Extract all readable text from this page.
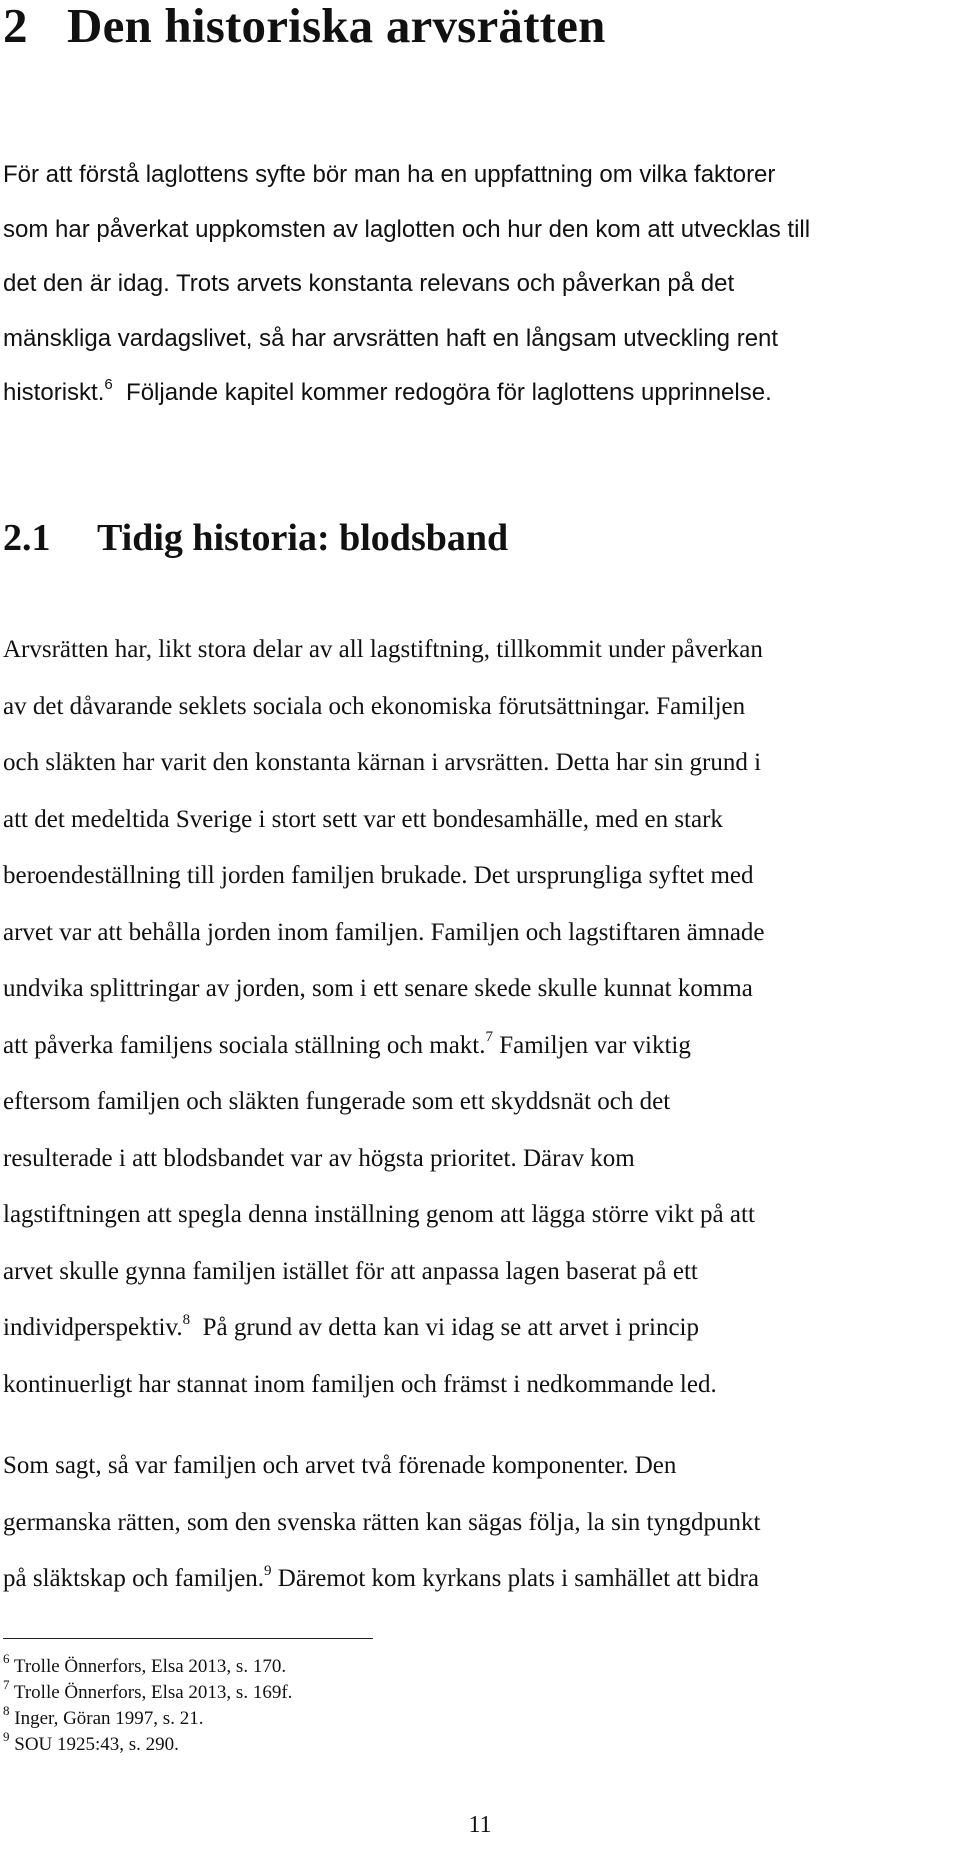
2 Den historiska arvsrätten
För att förstå laglottens syfte bör man ha en uppfattning om vilka faktorer
som har påverkat uppkomsten av laglotten och hur den kom att utvecklas till
det den är idag. Trots arvets konstanta relevans och påverkan på det
mänskliga vardagslivet, så har arvsrätten haft en långsam utveckling rent
historiskt.$^6$ Följande kapitel kommer redogöra för laglottens upprinnelse.
2.1 Tidig historia: blodsband
Arvsrätten har, likt stora delar av all lagstiftning, tillkommit under påverkan
av det dåvarande seklets sociala och ekonomiska förutsättningar. Familjen
och släkten har varit den konstanta kärnan i arvsrätten. Detta har sin grund i
att det medeltida Sverige i stort sett var ett bondesamhälle, med en stark
beroendeställning till jorden familjen brukade. Det ursprungliga syftet med
arvet var att behålla jorden inom familjen. Familjen och lagstiftaren ämnade
undvika splittringar av jorden, som i ett senare skede skulle kunnat komma
att påverka familjens sociala ställning och makt.$^7$ Familjen var viktig
eftersom familjen och släkten fungerade som ett skyddsnät och det
resulterade i att blodsbandet var av högsta prioritet. Därav kom
lagstiftningen att spegla denna inställning genom att lägga större vikt på att
arvet skulle gynna familjen istället för att anpassa lagen baserat på ett
individperspektiv.$^8$ På grund av detta kan vi idag se att arvet i princip
kontinuerligt har stannat inom familjen och främst i nedkommande led.
Som sagt, så var familjen och arvet två förenade komponenter. Den
germanska rätten, som den svenska rätten kan sägas följa, la sin tyngdpunkt
på släktskap och familjen.$^9$ Däremot kom kyrkans plats i samhället att bidra
$^6$ Trolle Önnerfors, Elsa 2013, s. 170.
$^7$ Trolle Önnerfors, Elsa 2013, s. 169f.
$^8$ Inger, Göran 1997, s. 21.
$^9$ SOU 1925:43, s. 290.
11
